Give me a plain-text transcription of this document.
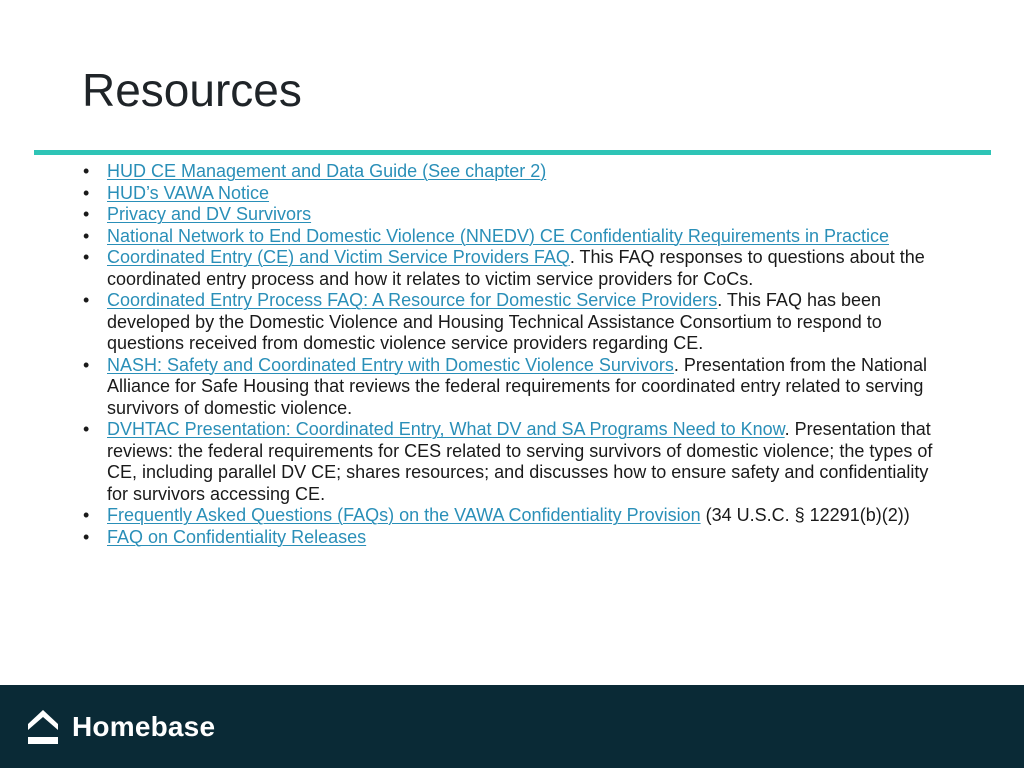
Resources
• HUD CE Management and Data Guide (See chapter 2)
• HUD’s VAWA Notice
• Privacy and DV Survivors
• National Network to End Domestic Violence (NNEDV) CE Confidentiality Requirements in Practice
• Coordinated Entry (CE) and Victim Service Providers FAQ. This FAQ responses to questions about the coordinated entry process and how it relates to victim service providers for CoCs.
• Coordinated Entry Process FAQ: A Resource for Domestic Service Providers. This FAQ has been developed by the Domestic Violence and Housing Technical Assistance Consortium to respond to questions received from domestic violence service providers regarding CE.
• NASH: Safety and Coordinated Entry with Domestic Violence Survivors. Presentation from the National Alliance for Safe Housing that reviews the federal requirements for coordinated entry related to serving survivors of domestic violence.
• DVHTAC Presentation: Coordinated Entry, What DV and SA Programs Need to Know. Presentation that reviews: the federal requirements for CES related to serving survivors of domestic violence; the types of CE, including parallel DV CE; shares resources; and discusses how to ensure safety and confidentiality for survivors accessing CE.
• Frequently Asked Questions (FAQs) on the VAWA Confidentiality Provision (34 U.S.C. § 12291(b)(2))
• FAQ on Confidentiality Releases
Homebase
